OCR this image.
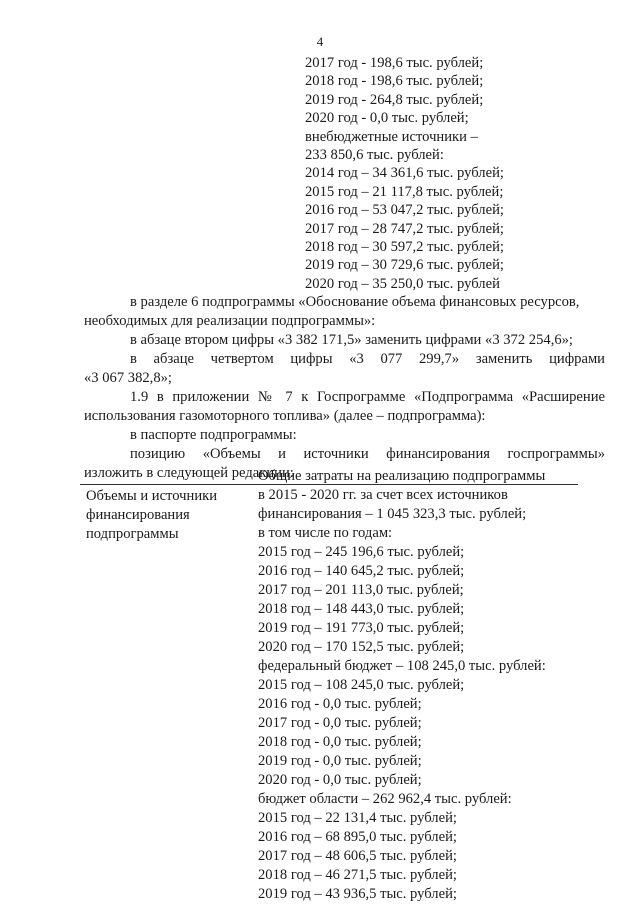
4
2017 год - 198,6 тыс. рублей;
2018 год - 198,6 тыс. рублей;
2019 год - 264,8 тыс. рублей;
2020 год - 0,0 тыс. рублей;
внебюджетные источники –
233 850,6 тыс. рублей:
2014 год – 34 361,6 тыс. рублей;
2015 год – 21 117,8 тыс. рублей;
2016 год – 53 047,2 тыс. рублей;
2017 год – 28 747,2 тыс. рублей;
2018 год – 30 597,2 тыс. рублей;
2019 год – 30 729,6 тыс. рублей;
2020 год – 35 250,0 тыс. рублей
в разделе 6 подпрограммы «Обоснование объема финансовых ресурсов,
необходимых для реализации подпрограммы»:
в абзаце втором цифры «3 382 171,5» заменить цифрами «3 372 254,6»;
в абзаце четвертом цифры «3 077 299,7» заменить цифрами
«3 067 382,8»;
1.9 в приложении № 7 к Госпрограмме «Подпрограмма «Расширение
использования газомоторного топлива» (далее – подпрограмма):
в паспорте подпрограммы:
позицию «Объемы и источники финансирования госпрограммы»
изложить в следующей редакции:
Объемы и источники
финансирования
подпрограммы
Общие затраты на реализацию подпрограммы
в 2015 - 2020 гг. за счет всех источников
финансирования – 1 045 323,3 тыс. рублей;
в том числе по годам:
2015 год – 245 196,6 тыс. рублей;
2016 год – 140 645,2 тыс. рублей;
2017 год – 201 113,0 тыс. рублей;
2018 год – 148 443,0 тыс. рублей;
2019 год – 191 773,0 тыс. рублей;
2020 год – 170 152,5 тыс. рублей;
федеральный бюджет – 108 245,0 тыс. рублей:
2015 год – 108 245,0 тыс. рублей;
2016 год - 0,0 тыс. рублей;
2017 год - 0,0 тыс. рублей;
2018 год - 0,0 тыс. рублей;
2019 год - 0,0 тыс. рублей;
2020 год - 0,0 тыс. рублей;
бюджет области – 262 962,4 тыс. рублей:
2015 год – 22 131,4 тыс. рублей;
2016 год – 68 895,0 тыс. рублей;
2017 год – 48 606,5 тыс. рублей;
2018 год – 46 271,5 тыс. рублей;
2019 год – 43 936,5 тыс. рублей;
